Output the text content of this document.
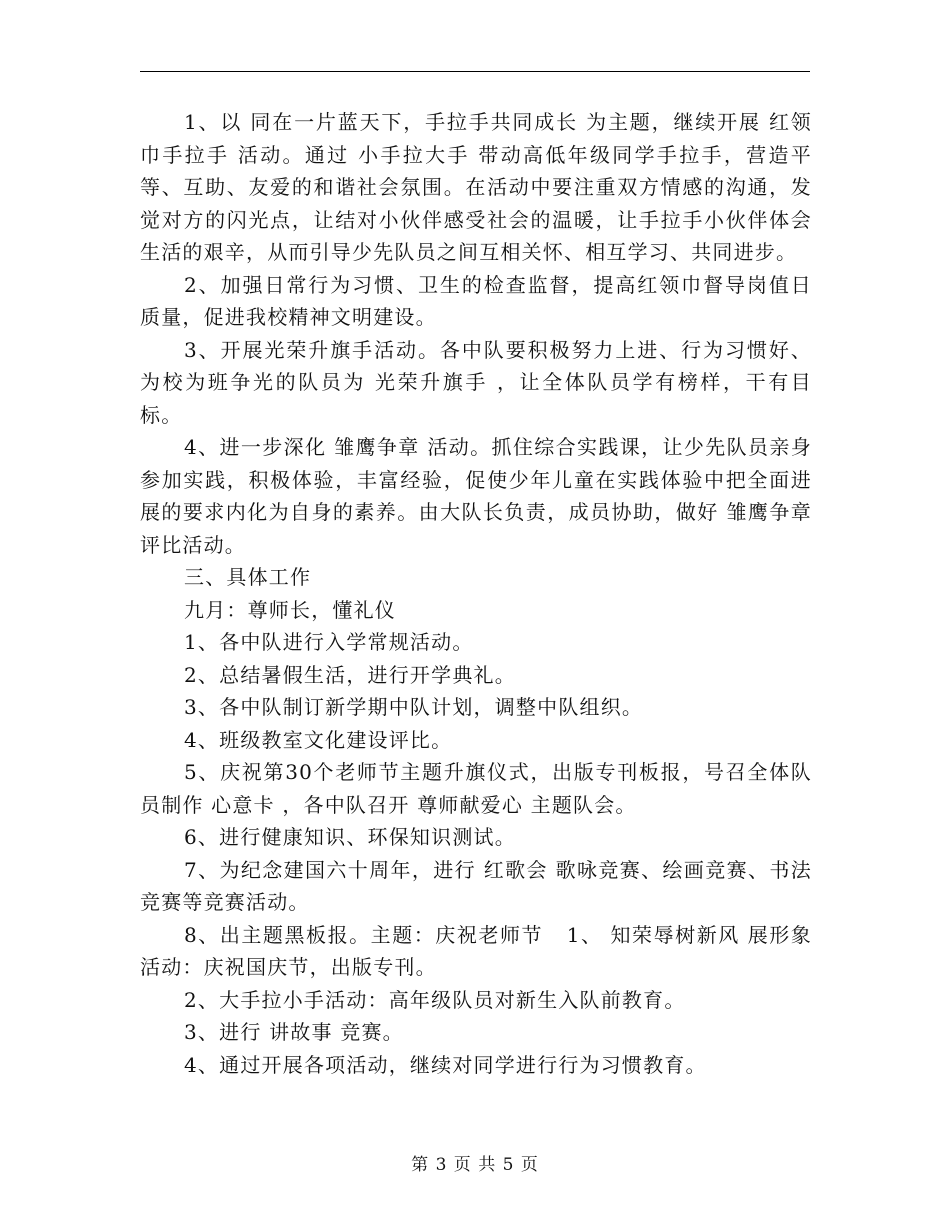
1、以 同在一片蓝天下，手拉手共同成长 为主题，继续开展 红领巾手拉手 活动。通过 小手拉大手 带动高低年级同学手拉手，营造平等、互助、友爱的和谐社会氛围。在活动中要注重双方情感的沟通，发觉对方的闪光点，让结对小伙伴感受社会的温暖，让手拉手小伙伴体会生活的艰辛，从而引导少先队员之间互相关怀、相互学习、共同进步。

2、加强日常行为习惯、卫生的检查监督，提高红领巾督导岗值日质量，促进我校精神文明建设。

3、开展光荣升旗手活动。各中队要积极努力上进、行为习惯好、为校为班争光的队员为 光荣升旗手 ，让全体队员学有榜样，干有目标。

4、进一步深化 雏鹰争章 活动。抓住综合实践课，让少先队员亲身参加实践，积极体验，丰富经验，促使少年儿童在实践体验中把全面进展的要求内化为自身的素养。由大队长负责，成员协助，做好 雏鹰争章 评比活动。

三、具体工作

九月：尊师长，懂礼仪

1、各中队进行入学常规活动。

2、总结暑假生活，进行开学典礼。

3、各中队制订新学期中队计划，调整中队组织。

4、班级教室文化建设评比。

5、庆祝第30个老师节主题升旗仪式，出版专刊板报，号召全体队员制作 心意卡 ，各中队召开 尊师献爱心 主题队会。

6、进行健康知识、环保知识测试。

7、为纪念建国六十周年，进行 红歌会 歌咏竞赛、绘画竞赛、书法竞赛等竞赛活动。

8、出主题黑板报。主题：庆祝老师节   1、 知荣辱树新风 展形象 活动：庆祝国庆节，出版专刊。

2、大手拉小手活动：高年级队员对新生入队前教育。

3、进行 讲故事 竞赛。

4、通过开展各项活动，继续对同学进行行为习惯教育。

第 3 页 共 5 页
